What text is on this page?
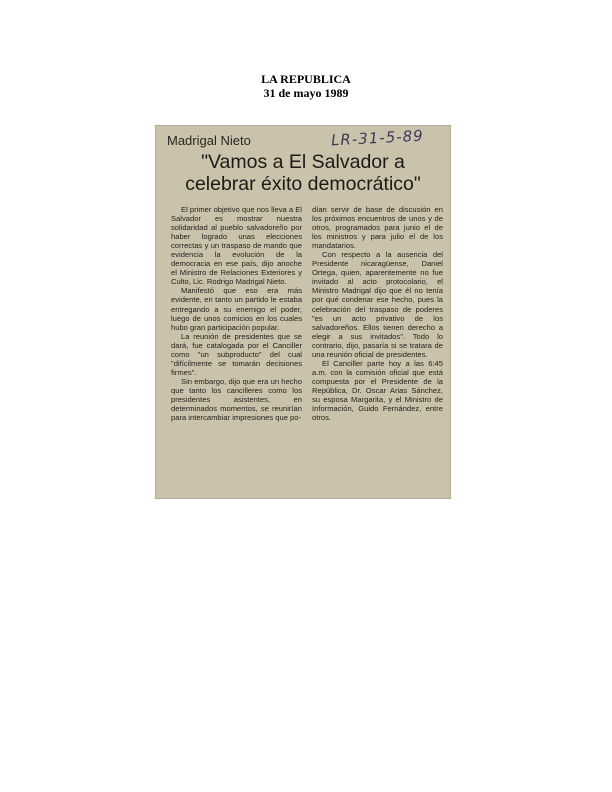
LA REPUBLICA
31 de mayo 1989
Madrigal Nieto	LR-31-5-89
"Vamos a El Salvador a
celebrar éxito democrático"

El primer objetivo que nos lleva a El Salvador es mostrar nuestra solidaridad al pueblo salvadoreño por haber logrado unas elecciones correctas y un traspaso de mando que evidencia la evolución de la democracia en ese país, dijo anoche el Ministro de Relaciones Exteriores y Culto, Lic. Rodrigo Madrigal Nieto.

Manifestó que eso era más evidente, en tanto un partido le estaba entregando a su enemigo el poder, luego de unos comicios en los cuales hubo gran participación popular.

La reunión de presidentes que se dará, fue catalogada por el Canciller como "un subproducto" del cual "difícilmente se tomarán decisiones firmes".

Sin embargo, dijo que era un hecho que tanto los cancilleres como los presidentes asistentes, en determinados momentos, se reunirían para intercambiar impresiones que po-

dían servir de base de discusión en los próximos encuentros de unos y de otros, programados para junio el de los ministros y para julio el de los mandatarios.

Con respecto a la ausencia del Presidente nicaragüense, Daniel Ortega, quien, aparentemente no fue invitado al acto protocolario, el Ministro Madrigal dijo que él no tenía por qué condenar ese hecho, pues la celebración del traspaso de poderes "es un acto privativo de los salvadoreños. Ellos tienen derecho a elegir a sus invitados". Todo lo contrario, dijo, pasaría si se tratara de una reunión oficial de presidentes.

El Canciller parte hoy a las 6:45 a.m. con la comisión oficial que está compuesta por el Presidente de la República, Dr. Oscar Arias Sánchez, su esposa Margarita, y el Ministro de Información, Guido Fernández, entre otros.
